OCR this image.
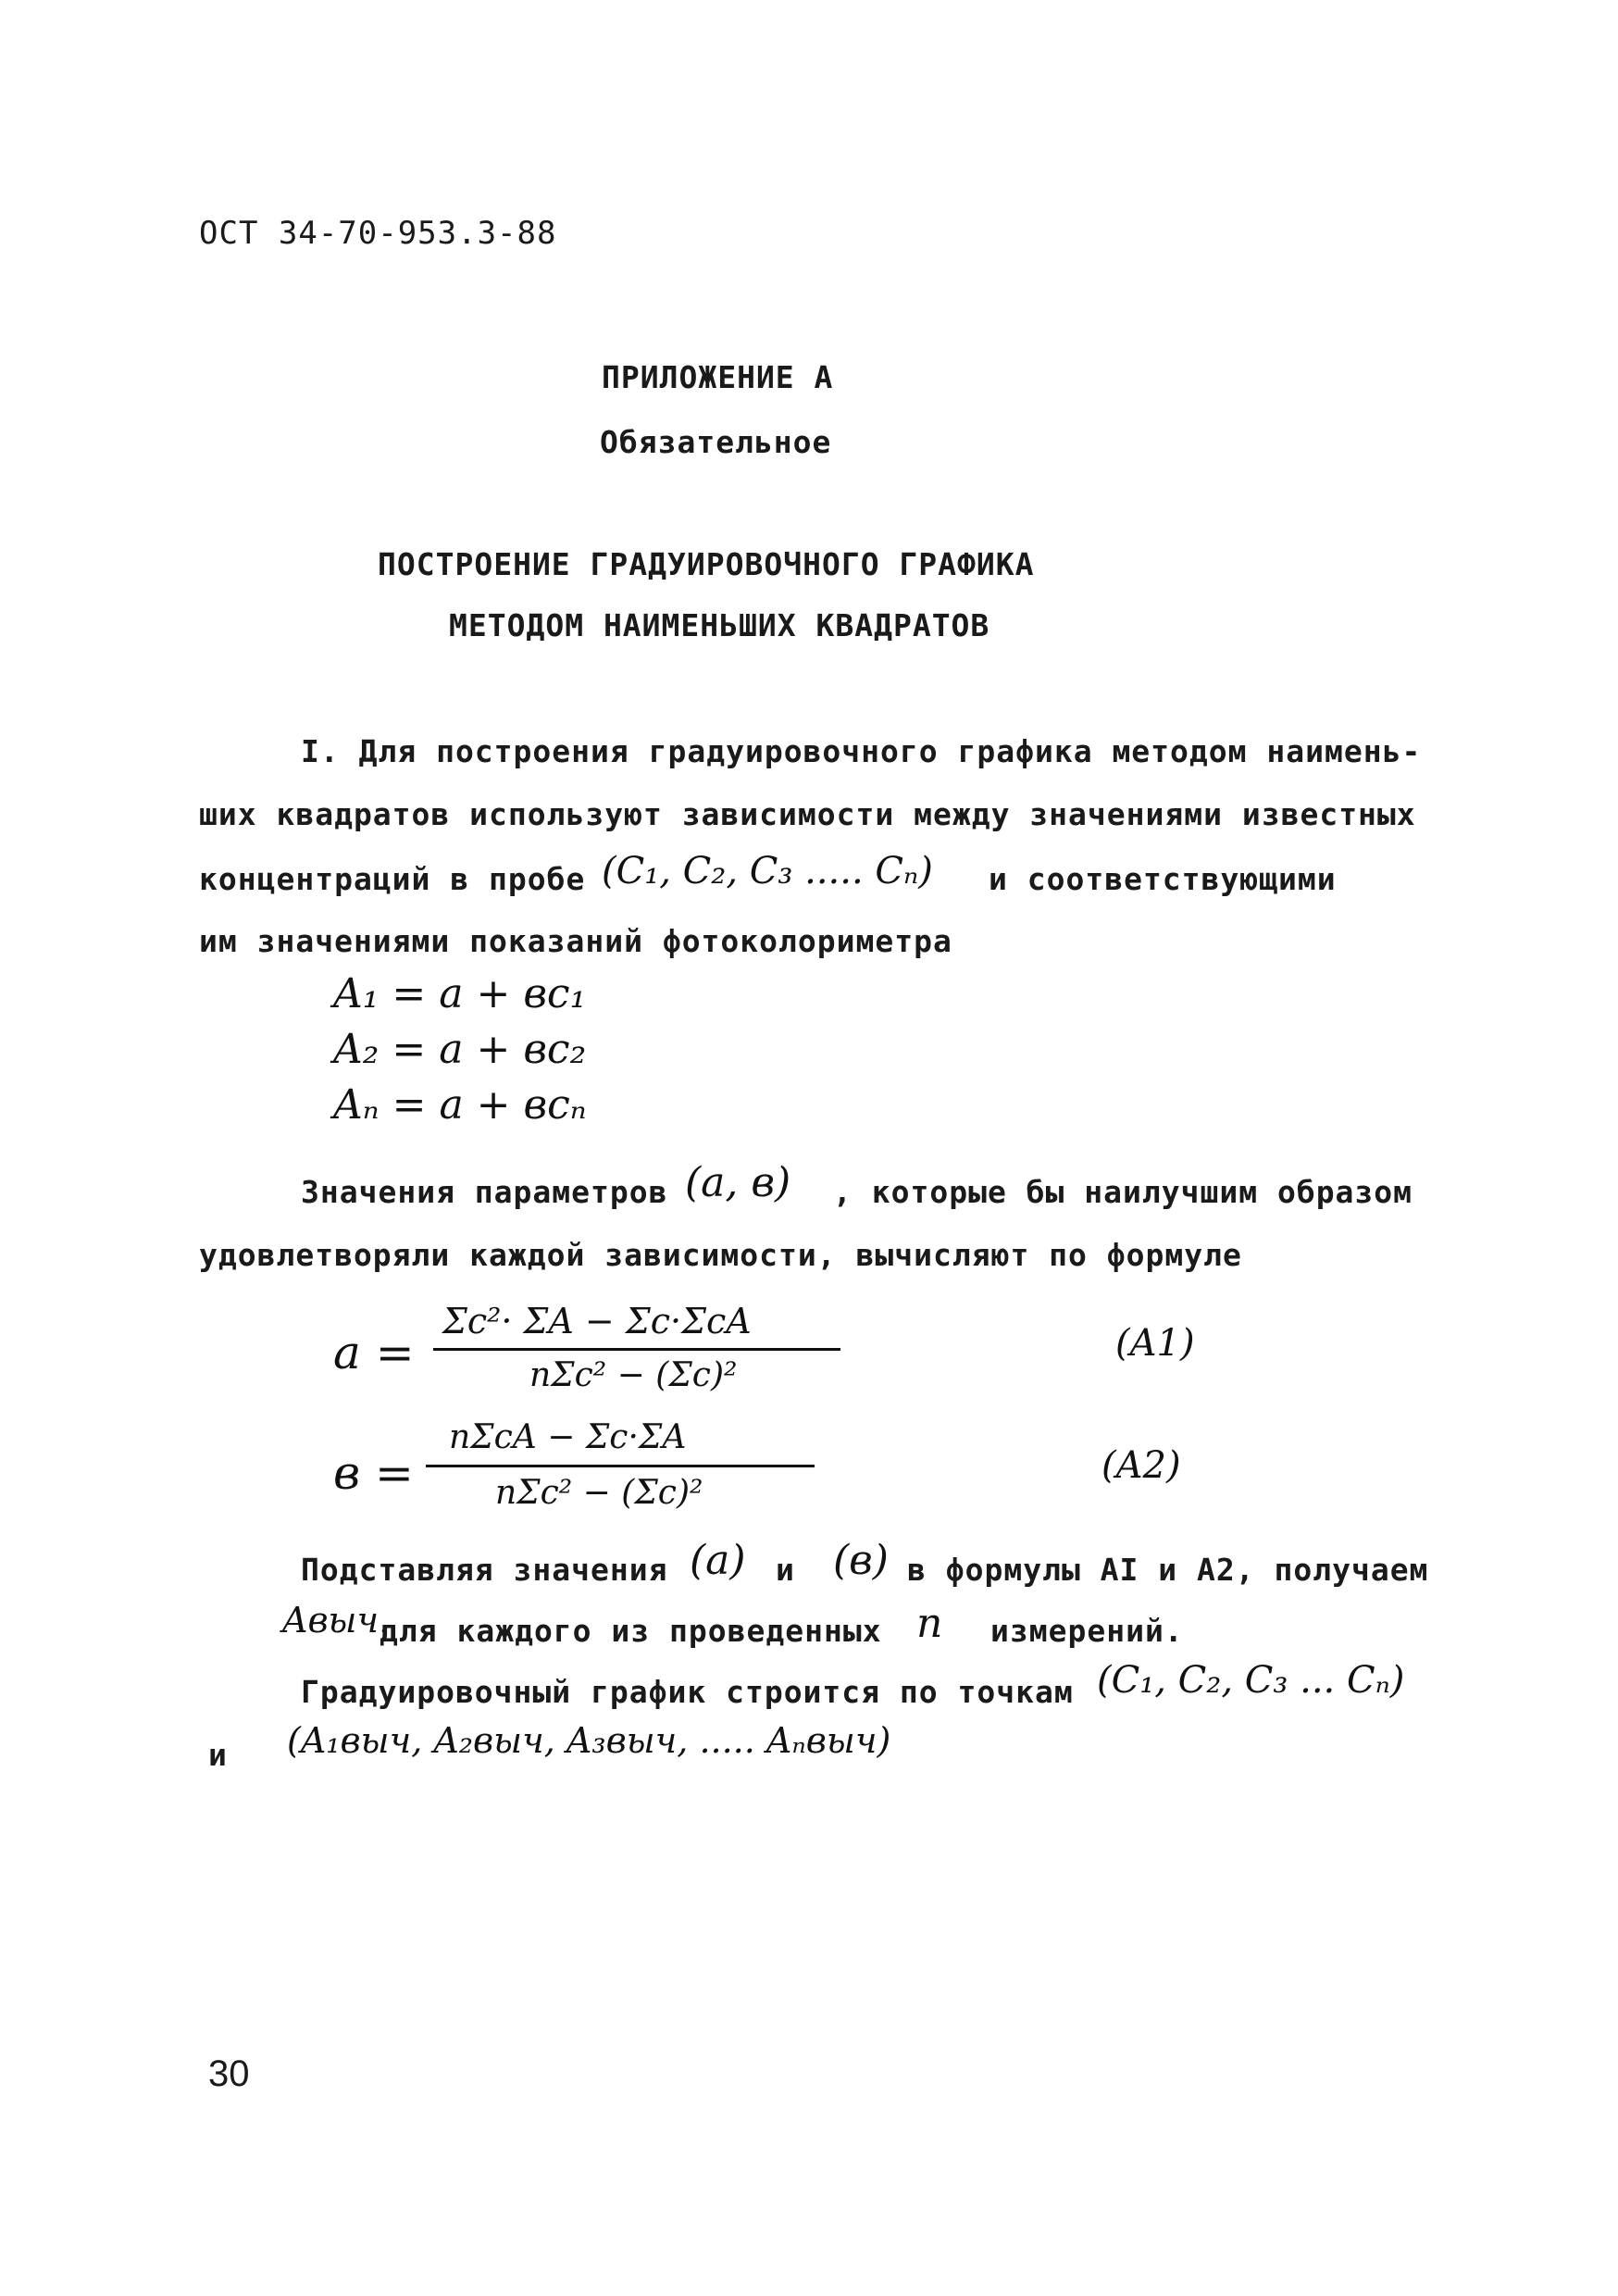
ОСТ 34-70-953.3-88
ПРИЛОЖЕНИЕ А
Обязательное
ПОСТРОЕНИЕ ГРАДУИРОВОЧНОГО ГРАФИКА
МЕТОДОМ НАИМЕНЬШИХ КВАДРАТОВ
I. Для построения градуировочного графика методом наимень-
ших квадратов используют зависимости между значениями известных
концентраций в пробе (C₁, C₂, C₃ ..... Cₙ) и соответствующими
им значениями показаний фотоколориметра
A₁ = a + вc₁
A₂ = a + вc₂
Aₙ = a + вcₙ
Значения параметров (a, в) , которые бы наилучшим образом
удовлетворяли каждой зависимости, вычисляют по формуле
a =
Σc²· ΣA − Σc·ΣcA
nΣc² − (Σc)²
(A1)
в =
nΣcA − Σc·ΣA
nΣc² − (Σc)²
(A2)
Подставляя значения (a) и (в) в формулы AI и A2, получаем
Aвыч.
для каждого из проведенных n измерений.
Градуировочный график строится по точкам (C₁, C₂, C₃ ... Cₙ)
и (A₁выч, A₂выч, A₃выч, ..... Aₙвыч)
30
